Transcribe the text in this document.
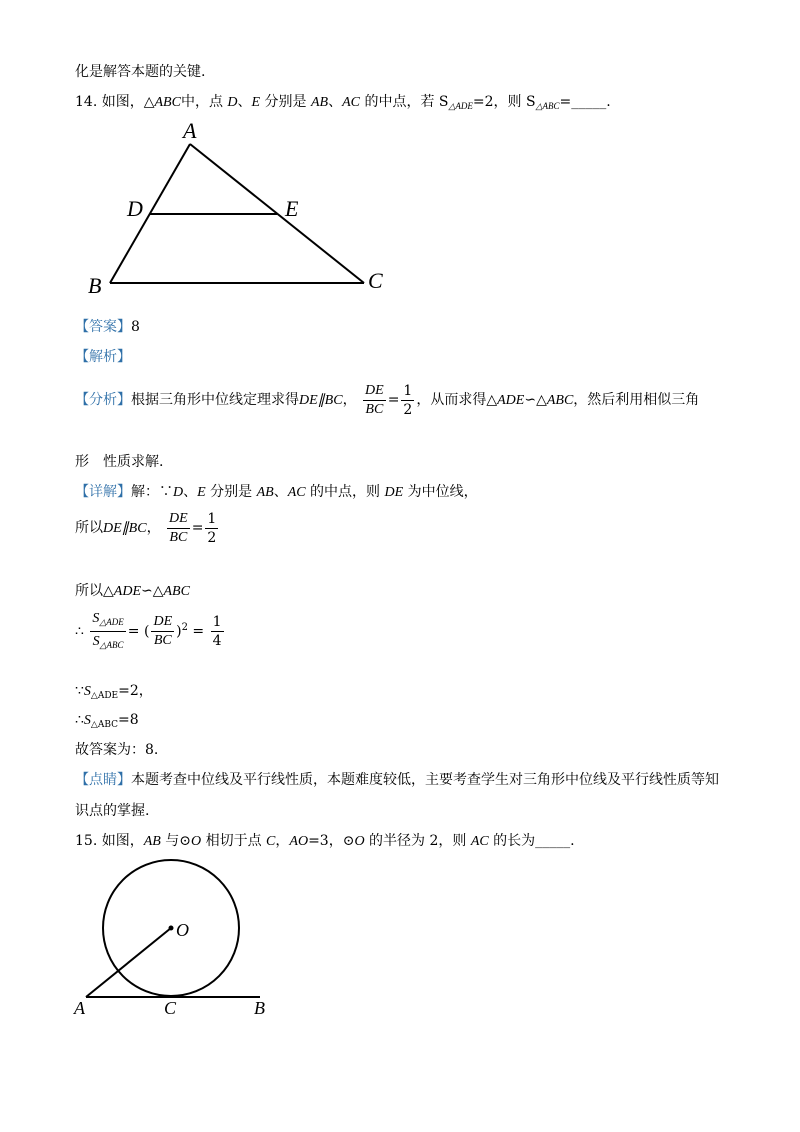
化是解答本题的关键.
14. 如图，△ABC中，点 D、E 分别是 AB、AC 的中点，若 $S_{\triangle ADE}=2$，则 $S_{\triangle ABC}=\_\_\_\_\_$.
A
D	E
B	C
【答案】8
【解析】
【分析】根据三角形中位线定理求得DE∥BC， $\frac{DE}{BC} = \frac{1}{2}$ ，从而求得△ADE∽△ABC，然后利用相似三角
形　性质求解.
【详解】解：∵D、E 分别是 AB、AC 的中点，则 DE 为中位线，
所以DE∥BC， $\frac{DE}{BC} = \frac{1}{2}$
所以△ADE∽△ABC
∴ $\frac{S_{\triangle ADE}}{S_{\triangle ABC}}$ = ( $\frac{DE}{BC} )^2 = \frac{1}{4}$
$\because S_{\triangle ADE}=2$，
$\therefore S_{\triangle ABC}=8$
故答案为：8.
【点睛】本题考查中位线及平行线性质，本题难度较低，主要考查学生对三角形中位线及平行线性质等知
识点的掌握.
15. 如图，AB 与⊙O 相切于点 C，AO=3，⊙O 的半径为 2，则 AC 的长为_____.
O
A	C	B
